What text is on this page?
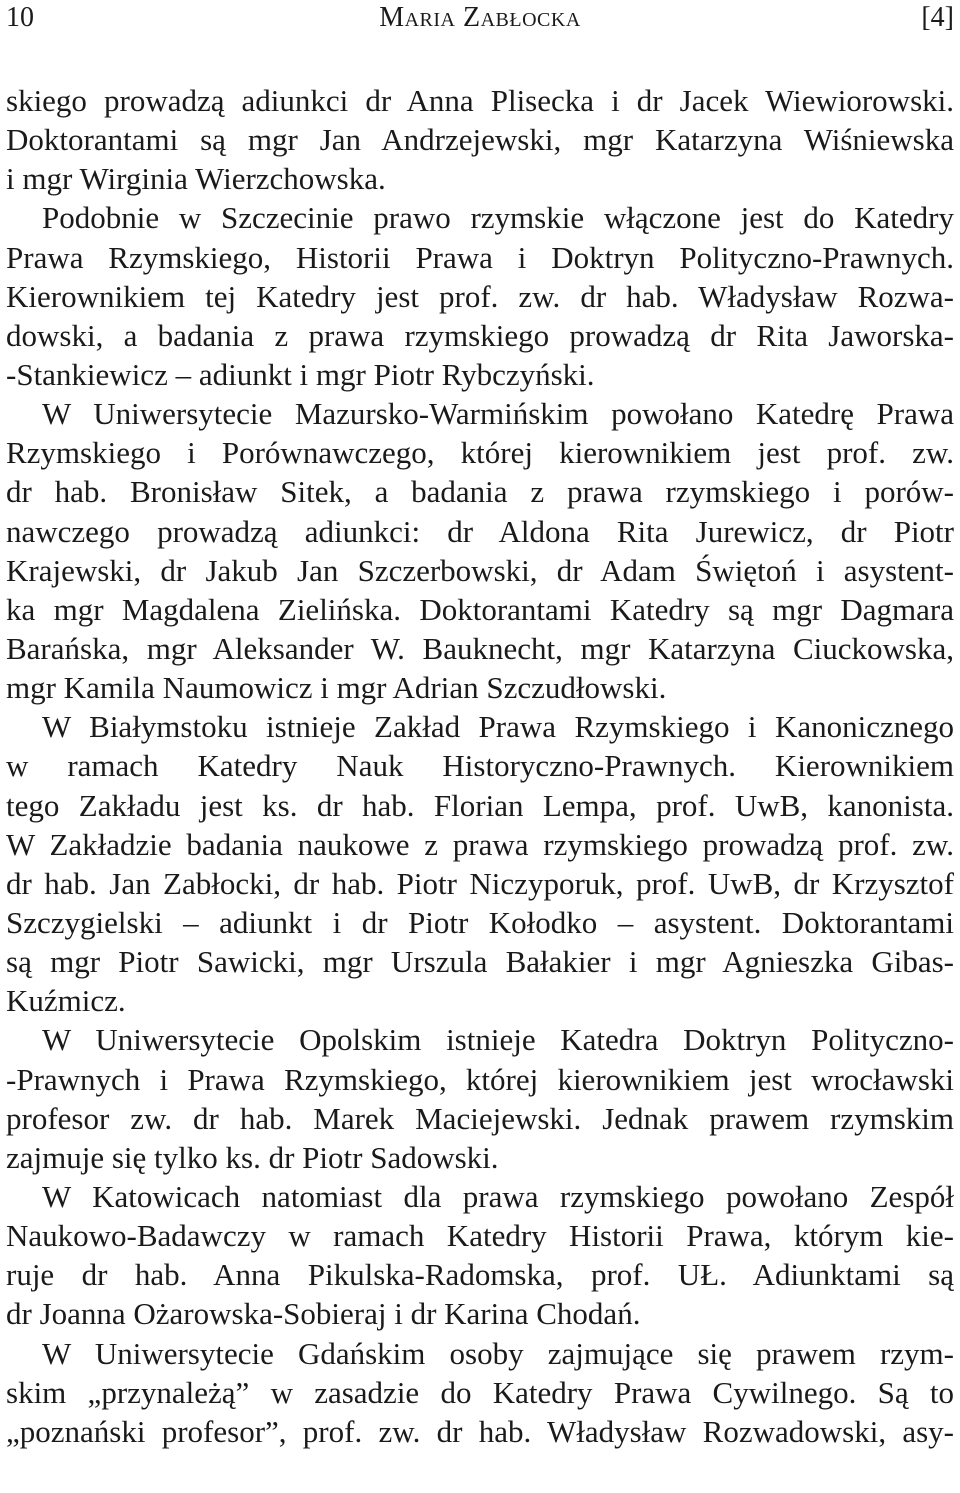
10	Maria Zabłocka	[4]
skiego prowadzą adiunkci dr Anna Plisecka i dr Jacek Wiewiorowski.
Doktorantami są mgr Jan Andrzejewski, mgr Katarzyna Wiśniewska
i mgr Wirginia Wierzchowska.
Podobnie w Szczecinie prawo rzymskie włączone jest do Katedry
Prawa Rzymskiego, Historii Prawa i Doktryn Polityczno-Prawnych.
Kierownikiem tej Katedry jest prof. zw. dr hab. Władysław Rozwa-
dowski, a badania z prawa rzymskiego prowadzą dr Rita Jaworska-
-Stankiewicz – adiunkt i mgr Piotr Rybczyński.
W Uniwersytecie Mazursko-Warmińskim powołano Katedrę Prawa
Rzymskiego i Porównawczego, której kierownikiem jest prof. zw.
dr hab. Bronisław Sitek, a badania z prawa rzymskiego i porów-
nawczego prowadzą adiunkci: dr Aldona Rita Jurewicz, dr Piotr
Krajewski, dr Jakub Jan Szczerbowski, dr Adam Świętoń i asystent-
ka mgr Magdalena Zielińska. Doktorantami Katedry są mgr Dagmara
Barańska, mgr Aleksander W. Bauknecht, mgr Katarzyna Ciuckowska,
mgr Kamila Naumowicz i mgr Adrian Szczudłowski.
W Białymstoku istnieje Zakład Prawa Rzymskiego i Kanonicznego
w ramach Katedry Nauk Historyczno-Prawnych. Kierownikiem
tego Zakładu jest ks. dr hab. Florian Lempa, prof. UwB, kanonista.
W Zakładzie badania naukowe z prawa rzymskiego prowadzą prof. zw.
dr hab. Jan Zabłocki, dr hab. Piotr Niczyporuk, prof. UwB, dr Krzysztof
Szczygielski – adiunkt i dr Piotr Kołodko – asystent. Doktorantami
są mgr Piotr Sawicki, mgr Urszula Bałakier i mgr Agnieszka Gibas-
Kuźmicz.
W Uniwersytecie Opolskim istnieje Katedra Doktryn Polityczno-
-Prawnych i Prawa Rzymskiego, której kierownikiem jest wrocławski
profesor zw. dr hab. Marek Maciejewski. Jednak prawem rzymskim
zajmuje się tylko ks. dr Piotr Sadowski.
W Katowicach natomiast dla prawa rzymskiego powołano Zespół
Naukowo-Badawczy w ramach Katedry Historii Prawa, którym kie-
ruje dr hab. Anna Pikulska-Radomska, prof. UŁ. Adiunktami są
dr Joanna Ożarowska-Sobieraj i dr Karina Chodań.
W Uniwersytecie Gdańskim osoby zajmujące się prawem rzym-
skim „przynależą” w zasadzie do Katedry Prawa Cywilnego. Są to
„poznański profesor”, prof. zw. dr hab. Władysław Rozwadowski, asy-
